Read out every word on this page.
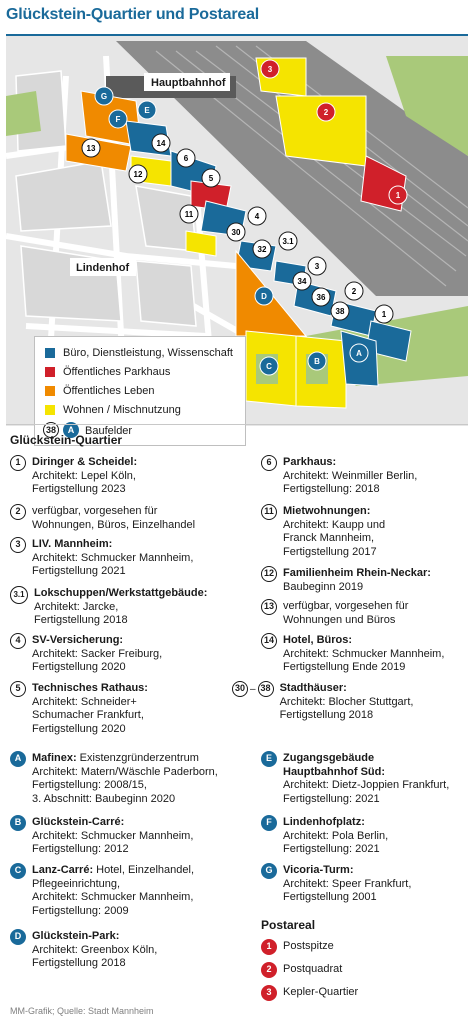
Glückstein-Quartier und Postareal
Hauptbahnhof
Lindenhof
13
12
11
14
6
5
4
30
32
3.1
34
3
36
2
38	1
G
E
F
D
C
B
A
3
2
1
Büro, Dienstleistung, Wissenschaft
Öffentliches Parkhaus
Öffentliches Leben
Wohnen / Mischnutzung
38	A Baufelder
Glückstein-Quartier
1	Diringer & Scheidel:
Architekt: Lepel Köln,
Fertigstellung 2023
2	verfügbar, vorgesehen für
Wohnungen, Büros, Einzelhandel
3	LIV. Mannheim:
Architekt: Schmucker Mannheim,
Fertigstellung 2021
3.1 Lokschuppen/Werkstattgebäude:
Architekt: Jarcke,
Fertigstellung 2018
4	SV-Versicherung:
Architekt: Sacker Freiburg,
Fertigstellung 2020
5	Technisches Rathaus:
Architekt: Schneider+
Schumacher Frankfurt,
Fertigstellung 2020
6	Parkhaus:
Architekt: Weinmiller Berlin,
Fertigstellung: 2018
11 Mietwohnungen:
Architekt: Kaupp und
Franck Mannheim,
Fertigstellung 2017
12 Familienheim Rhein-Neckar:
Baubeginn 2019
13 verfügbar, vorgesehen für
Wohnungen und Büros
14 Hotel, Büros:
Architekt: Schmucker Mannheim,
Fertigstellung Ende 2019
30 – 38 Stadthäuser:
Architekt: Blocher Stuttgart,
Fertigstellung 2018
A Mafinex: Existenzgründerzentrum
Architekt: Matern/Wäschle Paderborn,
Fertigstellung: 2008/15,
3. Abschnitt: Baubeginn 2020
B Glückstein-Carré:
Architekt: Schmucker Mannheim,
Fertigstellung: 2012
C Lanz-Carré: Hotel, Einzelhandel,
Pflegeeinrichtung,
Architekt: Schmucker Mannheim,
Fertigstellung: 2009
D Glückstein-Park:
Architekt: Greenbox Köln,
Fertigstellung 2018
E	Zugangsgebäude
Hauptbahnhof Süd:
Architekt: Dietz-Joppien Frankfurt,
Fertigstellung: 2021
F	Lindenhofplatz:
Architekt: Pola Berlin,
Fertigstellung: 2021
G Vicoria-Turm:
Architekt: Speer Frankfurt,
Fertigstellung 2001
Postareal
1	Postspitze
2	Postquadrat
3	Kepler-Quartier
MM-Grafik; Quelle: Stadt Mannheim
